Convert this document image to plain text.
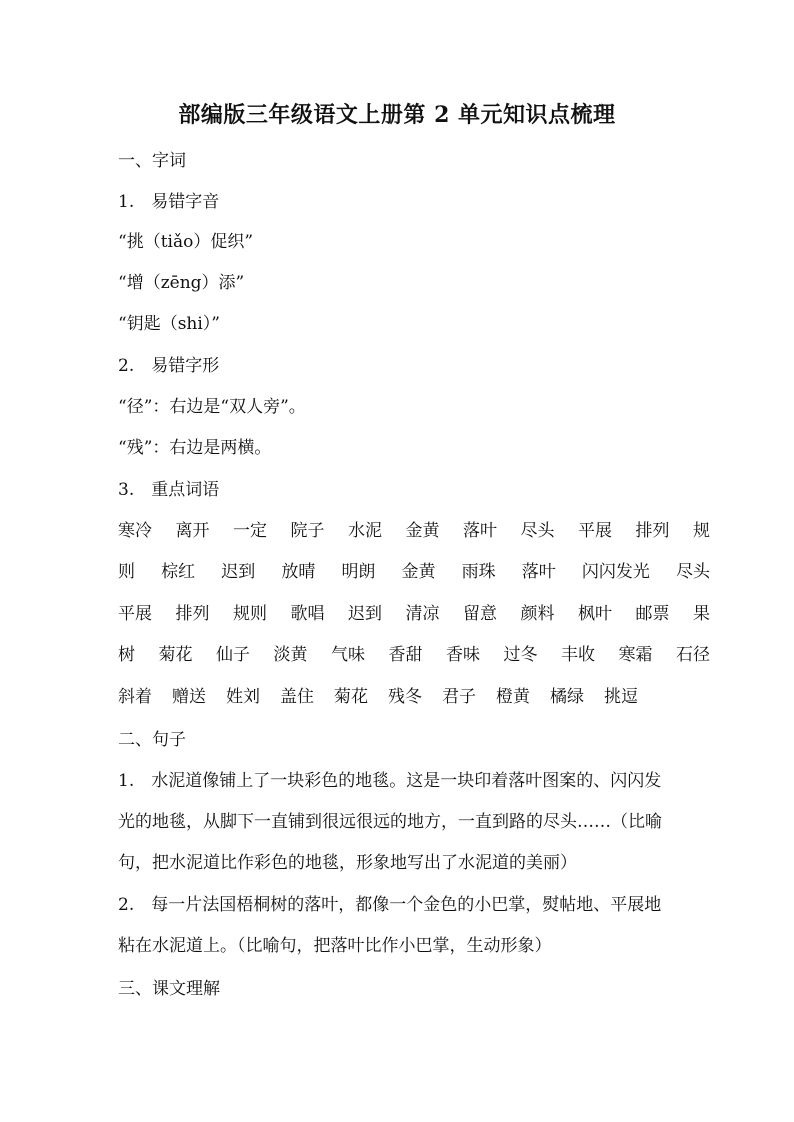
部编版三年级语文上册第 2 单元知识点梳理
一、字词
1.　易错字音
“挑（tiǎo）促织”
“增（zēng）添”
“钥匙（shi）”
2.　易错字形
“径”：右边是“双人旁”。
“残”：右边是两横。
3.　重点词语
寒冷 离开 一定 院子 水泥 金黄 落叶 尽头 平展 排列 规
则 棕红 迟到 放晴 明朗 金黄 雨珠 落叶 闪闪发光 尽头
平展 排列 规则 歌唱 迟到 清凉 留意 颜料 枫叶 邮票 果
树 菊花 仙子 淡黄 气味 香甜 香味 过冬 丰收 寒霜 石径
斜着 赠送 姓刘 盖住 菊花 残冬 君子 橙黄 橘绿 挑逗
二、句子
1.　水泥道像铺上了一块彩色的地毯。这是一块印着落叶图案的、闪闪发
光的地毯，从脚下一直铺到很远很远的地方，一直到路的尽头……（比喻
句，把水泥道比作彩色的地毯，形象地写出了水泥道的美丽）
2.　每一片法国梧桐树的落叶，都像一个金色的小巴掌，熨帖地、平展地
粘在水泥道上。（比喻句，把落叶比作小巴掌，生动形象）
三、课文理解
